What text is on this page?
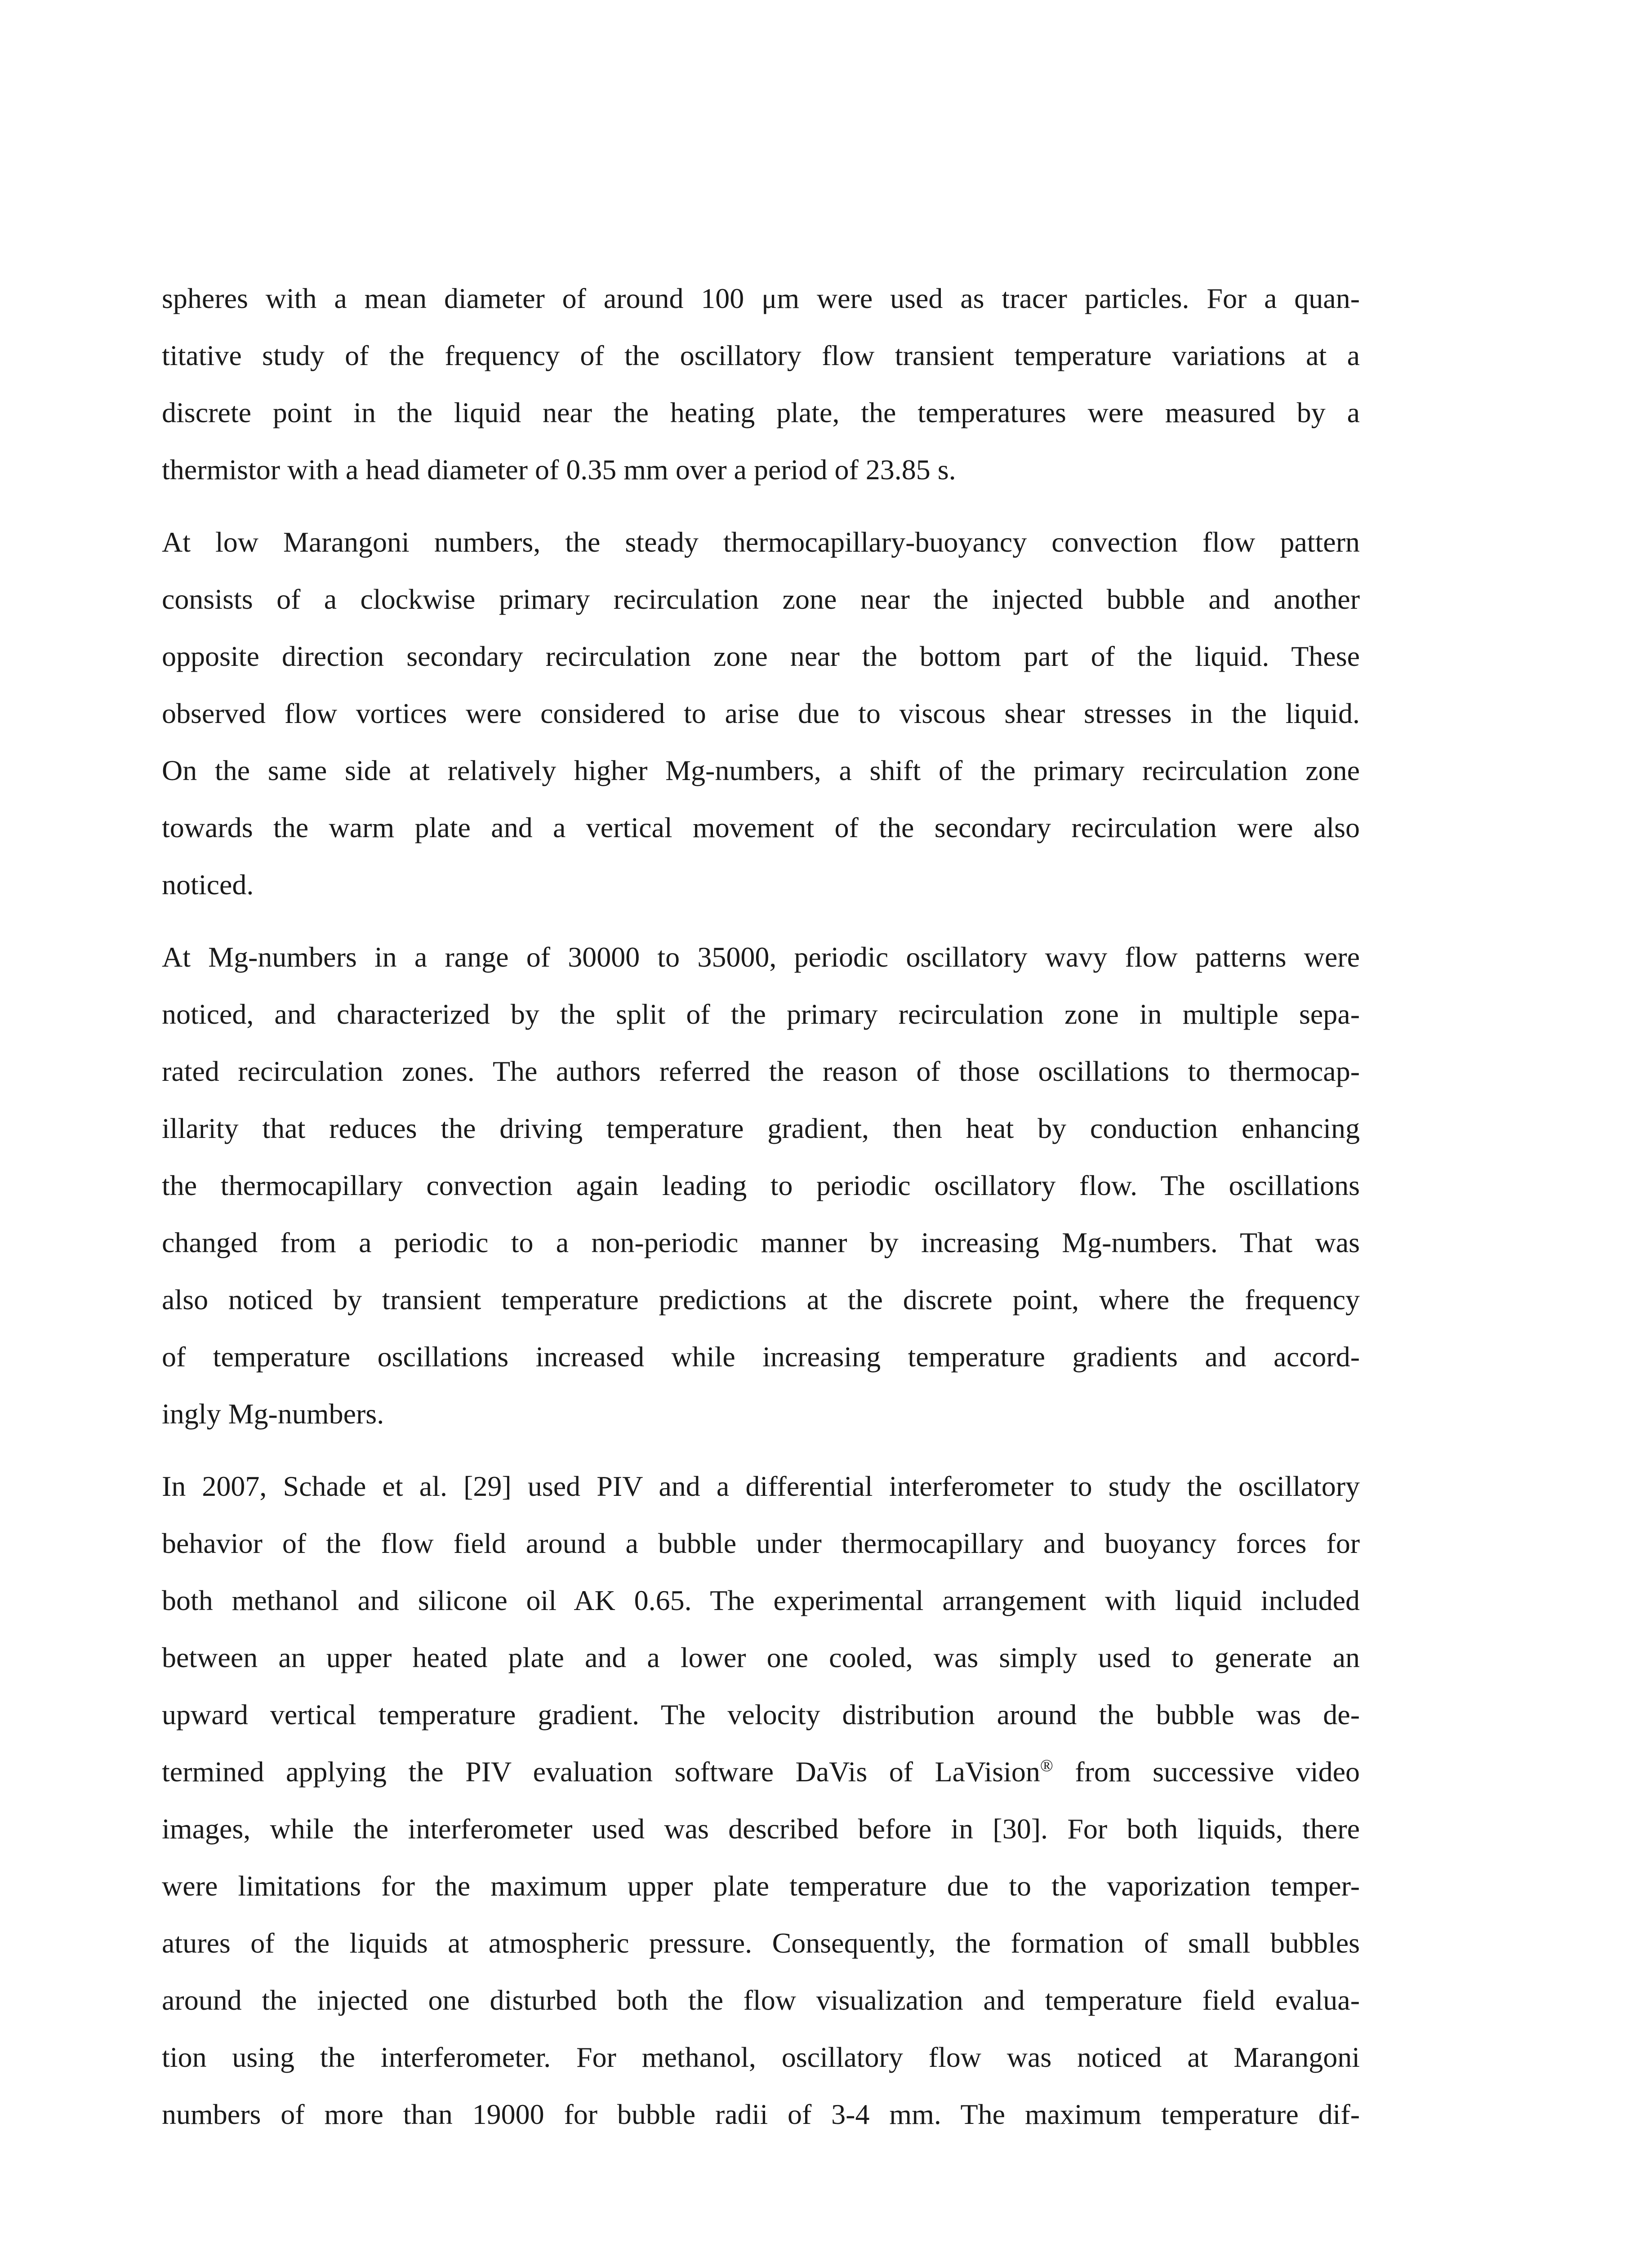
spheres with a mean diameter of around 100 μm were used as tracer particles. For a quan-
titative study of the frequency of the oscillatory flow transient temperature variations at a
discrete point in the liquid near the heating plate, the temperatures were measured by a
thermistor with a head diameter of 0.35 mm over a period of 23.85 s.

At low Marangoni numbers, the steady thermocapillary-buoyancy convection flow pattern
consists of a clockwise primary recirculation zone near the injected bubble and another
opposite direction secondary recirculation zone near the bottom part of the liquid. These
observed flow vortices were considered to arise due to viscous shear stresses in the liquid.
On the same side at relatively higher Mg-numbers, a shift of the primary recirculation zone
towards the warm plate and a vertical movement of the secondary recirculation were also
noticed.

At Mg-numbers in a range of 30000 to 35000, periodic oscillatory wavy flow patterns were
noticed, and characterized by the split of the primary recirculation zone in multiple sepa-
rated recirculation zones. The authors referred the reason of those oscillations to thermocap-
illarity that reduces the driving temperature gradient, then heat by conduction enhancing
the thermocapillary convection again leading to periodic oscillatory flow. The oscillations
changed from a periodic to a non-periodic manner by increasing Mg-numbers. That was
also noticed by transient temperature predictions at the discrete point, where the frequency
of temperature oscillations increased while increasing temperature gradients and accord-
ingly Mg-numbers.

In 2007, Schade et al. [29] used PIV and a differential interferometer to study the oscillatory
behavior of the flow field around a bubble under thermocapillary and buoyancy forces for
both methanol and silicone oil AK 0.65. The experimental arrangement with liquid included
between an upper heated plate and a lower one cooled, was simply used to generate an
upward vertical temperature gradient. The velocity distribution around the bubble was de-
termined applying the PIV evaluation software DaVis of LaVision® from successive video
images, while the interferometer used was described before in [30]. For both liquids, there
were limitations for the maximum upper plate temperature due to the vaporization temper-
atures of the liquids at atmospheric pressure. Consequently, the formation of small bubbles
around the injected one disturbed both the flow visualization and temperature field evalua-
tion using the interferometer. For methanol, oscillatory flow was noticed at Marangoni
numbers of more than 19000 for bubble radii of 3-4 mm. The maximum temperature dif-
